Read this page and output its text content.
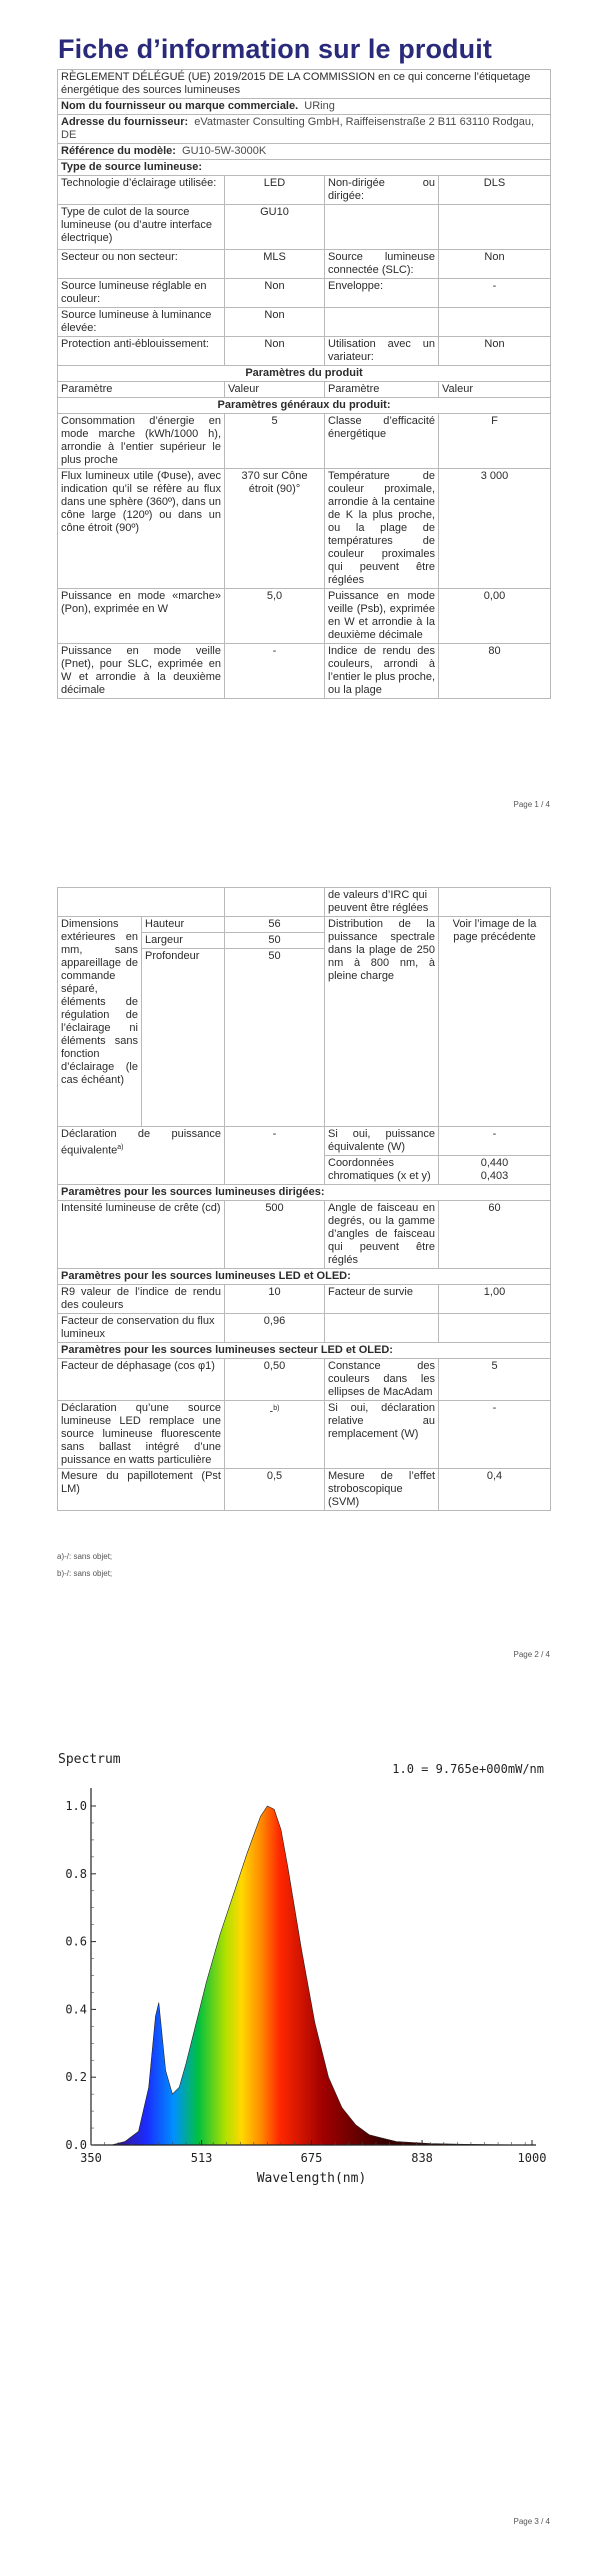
Fiche d’information sur le produit
RÈGLEMENT DÉLÉGUÉ (UE) 2019/2015 DE LA COMMISSION en ce qui concerne l’étiquetage énergétique des sources lumineuses			
Nom du fournisseur ou marque commerciale. URing			
Adresse du fournisseur: eVatmaster Consulting GmbH, Raiffeisenstraße 2 B11 63110 Rodgau, DE			
Référence du modèle: GU10-5W-3000K			
Type de source lumineuse:			
Technologie d’éclairage utilisée:	LED	Non-dirigée ou dirigée:	DLS
Type de culot de la source lumineuse (ou d’autre interface électrique)	GU10		
Secteur ou non secteur:	MLS	Source lumineuse connectée (SLC):	Non
Source lumineuse réglable en couleur:	Non	Enveloppe:	-
Source lumineuse à luminance élevée:	Non		
Protection anti-éblouissement:	Non	Utilisation avec un variateur:	Non
Paramètres du produit			
Paramètre	Valeur	Paramètre	Valeur
Paramètres généraux du produit:			
Consommation d’énergie en mode marche (kWh/1000 h), arrondie à l’entier supérieur le plus proche	5	Classe d’efficacité énergétique	F
Flux lumineux utile (Φuse), avec indication qu’il se réfère au flux dans une sphère (360º), dans un cône large (120º) ou dans un cône étroit (90º)	370 sur Cône étroit (90)°	Température de couleur proximale, arrondie à la centaine de K la plus proche, ou la plage de températures de couleur proximales qui peuvent être réglées	3 000
Puissance en mode «marche» (Pon), exprimée en W	5,0	Puissance en mode veille (Psb), exprimée en W et arrondie à la deuxième décimale	0,00
Puissance en mode veille (Pnet), pour SLC, exprimée en W et arrondie à la deuxième décimale	-	Indice de rendu des couleurs, arrondi à l’entier le plus proche, ou la plage	80
Page 1 / 4
			de valeurs d’IRC qui peuvent être réglées	
Dimensions extérieures en mm, sans appareillage de commande séparé, éléments de régulation de l’éclairage ni éléments sans fonction d’éclairage (le cas échéant)	Hauteur	56	Distribution de la puissance spectrale dans la plage de 250 nm à 800 nm, à pleine charge	Voir l’image de la page précédente
	Largeur	50		
	Profondeur	50		
Déclaration de puissance équivalente$^{a)}$		-	Si oui, puissance équivalente (W)	-
			Coordonnées chromatiques (x et y)	0,440
0,403

Paramètres pour les sources lumineuses dirigées:				
Intensité lumineuse de crête (cd)		500	Angle de faisceau en degrés, ou la gamme d’angles de faisceau qui peuvent être réglés	60
Paramètres pour les sources lumineuses LED et OLED:				
R9 valeur de l’indice de rendu des couleurs		10	Facteur de survie	1,00
Facteur de conservation du flux lumineux		0,96		
Paramètres pour les sources lumineuses secteur LED et OLED:				
Facteur de déphasage (cos φ1)		0,50	Constance des couleurs dans les ellipses de MacAdam	5
Déclaration qu’une source lumineuse LED remplace une source lumineuse fluorescente sans ballast intégré d’une puissance en watts particulière		-$^{b)}$	Si oui, déclaration relative au remplacement (W)	-
Mesure du papillotement (Pst LM)		0,5	Mesure de l’effet stroboscopique (SVM)	0,4
a)-/: sans objet;
b)-/: sans objet;
Page 2 / 4
0.0
0.2
0.4
0.6
0.8
1.0
350	513	675	838	1000
Spectrum
1.0 = 9.765e+000mW/nm
Wavelength(nm)
Page 3 / 4
